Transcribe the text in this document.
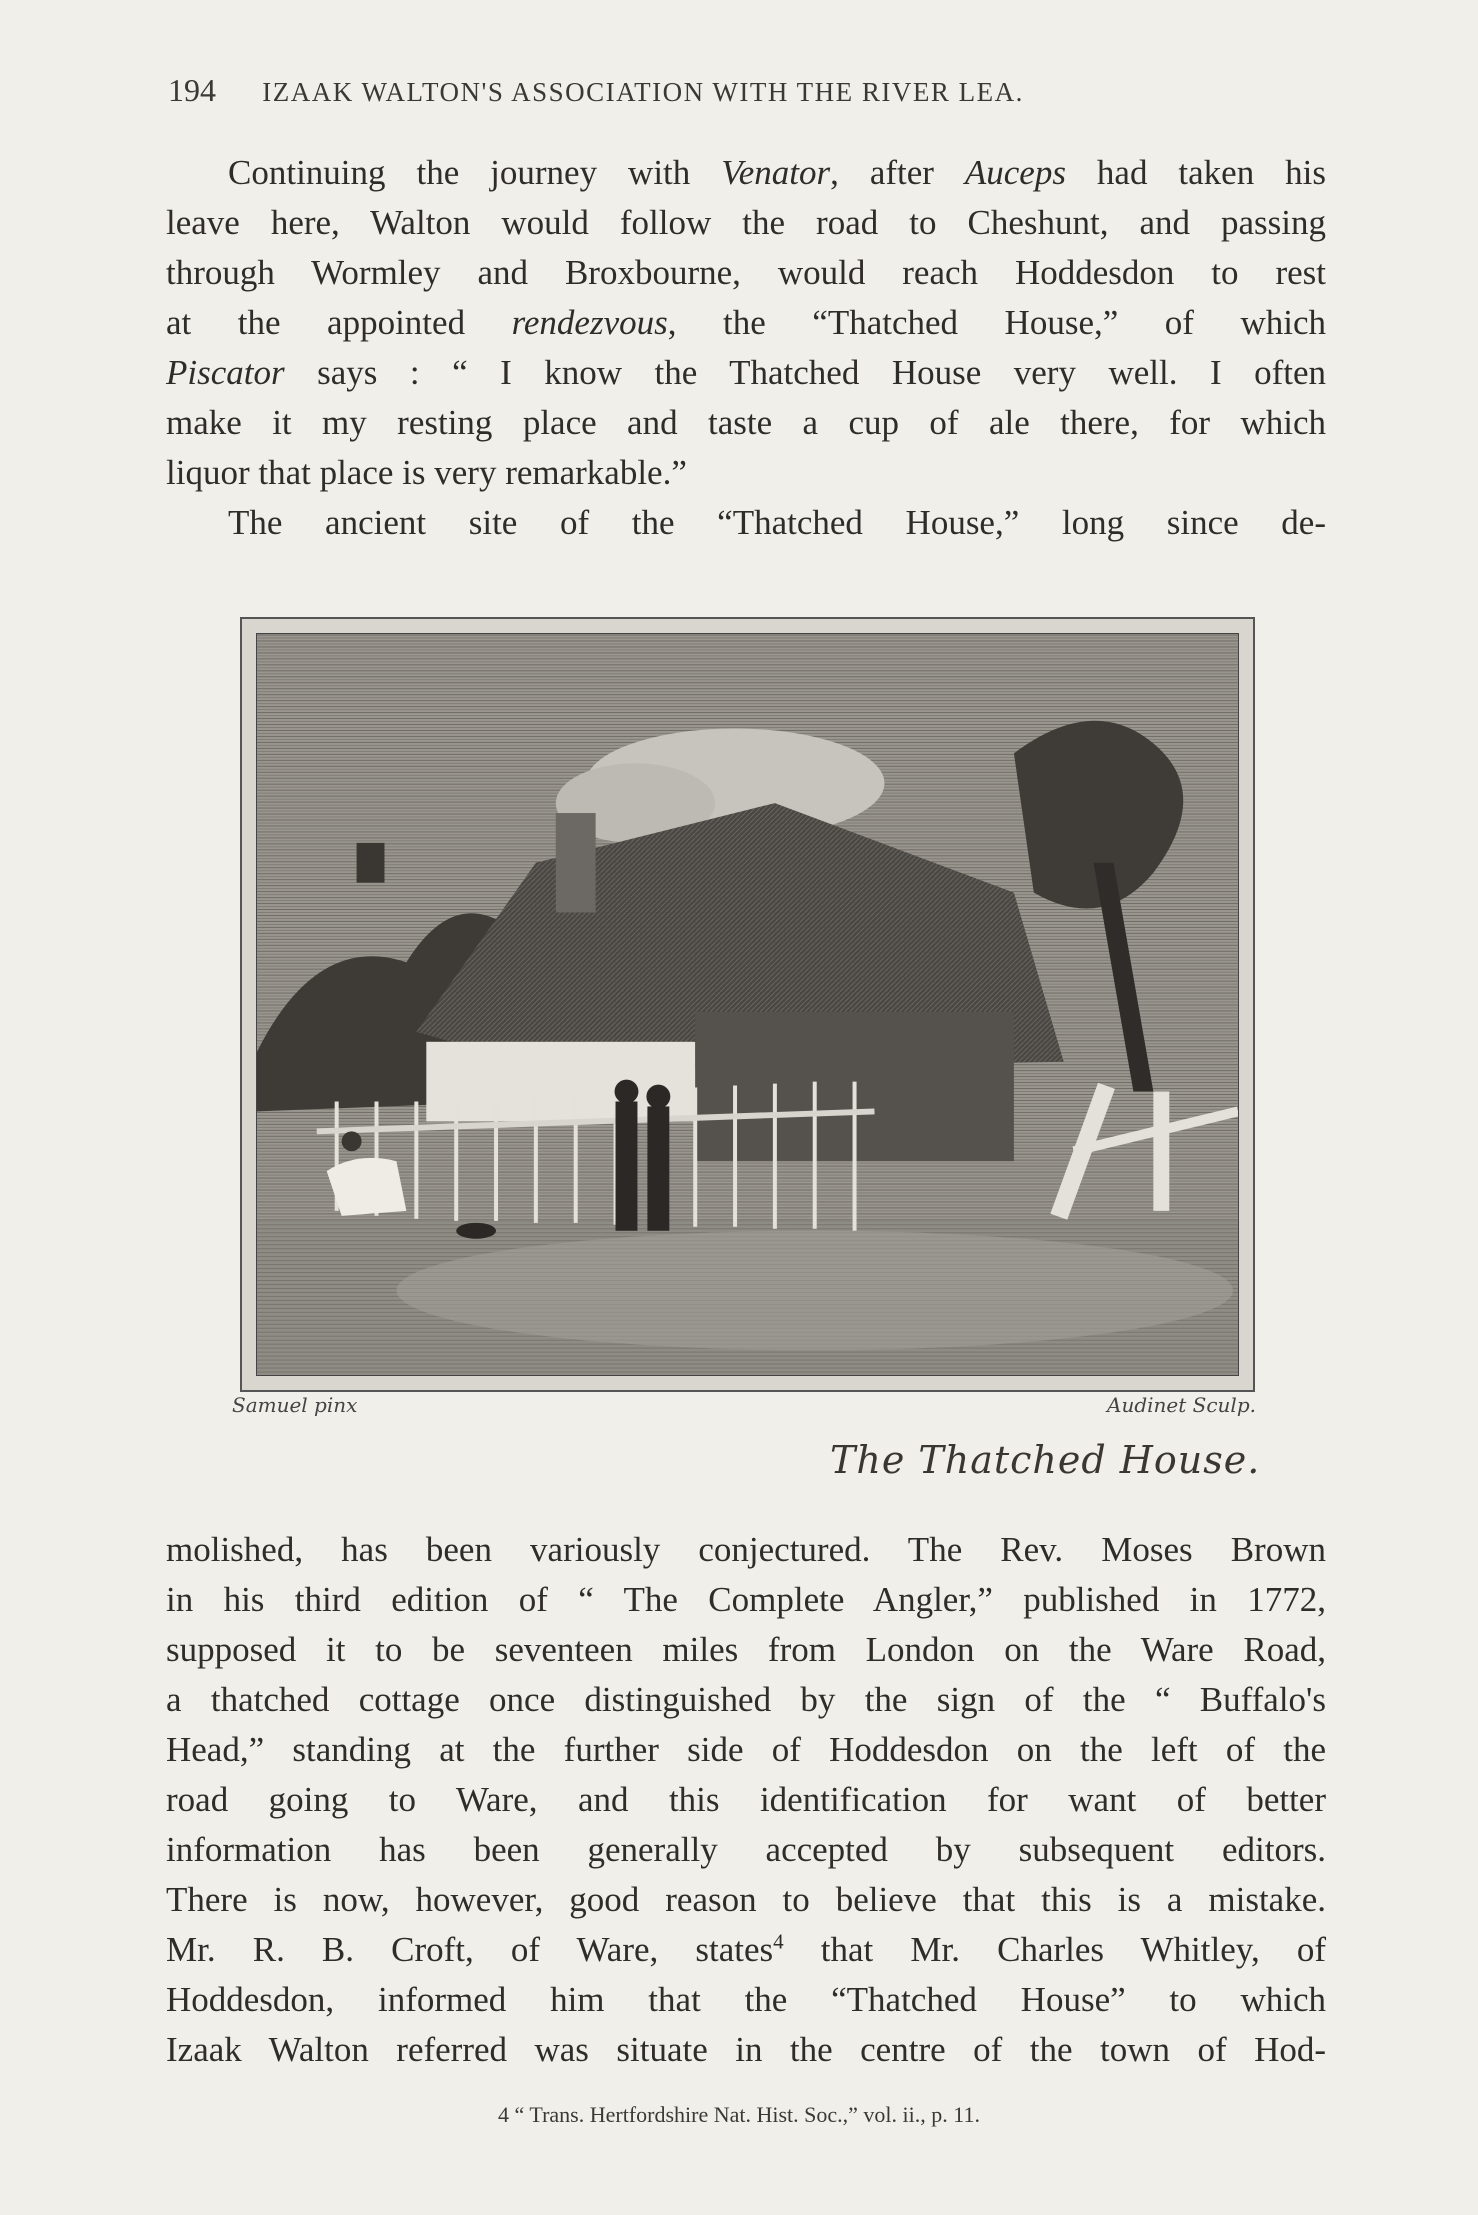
194 IZAAK WALTON'S ASSOCIATION WITH THE RIVER LEA.
Continuing the journey with Venator, after Auceps had taken his
leave here, Walton would follow the road to Cheshunt, and passing
through Wormley and Broxbourne, would reach Hoddesdon to rest
at the appointed rendezvous, the “Thatched House,” of which
Piscator says : “ I know the Thatched House very well. I often
make it my resting place and taste a cup of ale there, for which
liquor that place is very remarkable.”
The ancient site of the “Thatched House,” long since de-
Samuel pinx	Audinet Sculp.
The Thatched House.
molished, has been variously conjectured. The Rev. Moses Brown
in his third edition of “ The Complete Angler,” published in 1772,
supposed it to be seventeen miles from London on the Ware Road,
a thatched cottage once distinguished by the sign of the “ Buffalo's
Head,” standing at the further side of Hoddesdon on the left of the
road going to Ware, and this identification for want of better
information has been generally accepted by subsequent editors.
There is now, however, good reason to believe that this is a mistake.
Mr. R. B. Croft, of Ware, states$^4$ that Mr. Charles Whitley, of
Hoddesdon, informed him that the “Thatched House” to which
Izaak Walton referred was situate in the centre of the town of Hod-
4 “ Trans. Hertfordshire Nat. Hist. Soc.,” vol. ii., p. 11.
